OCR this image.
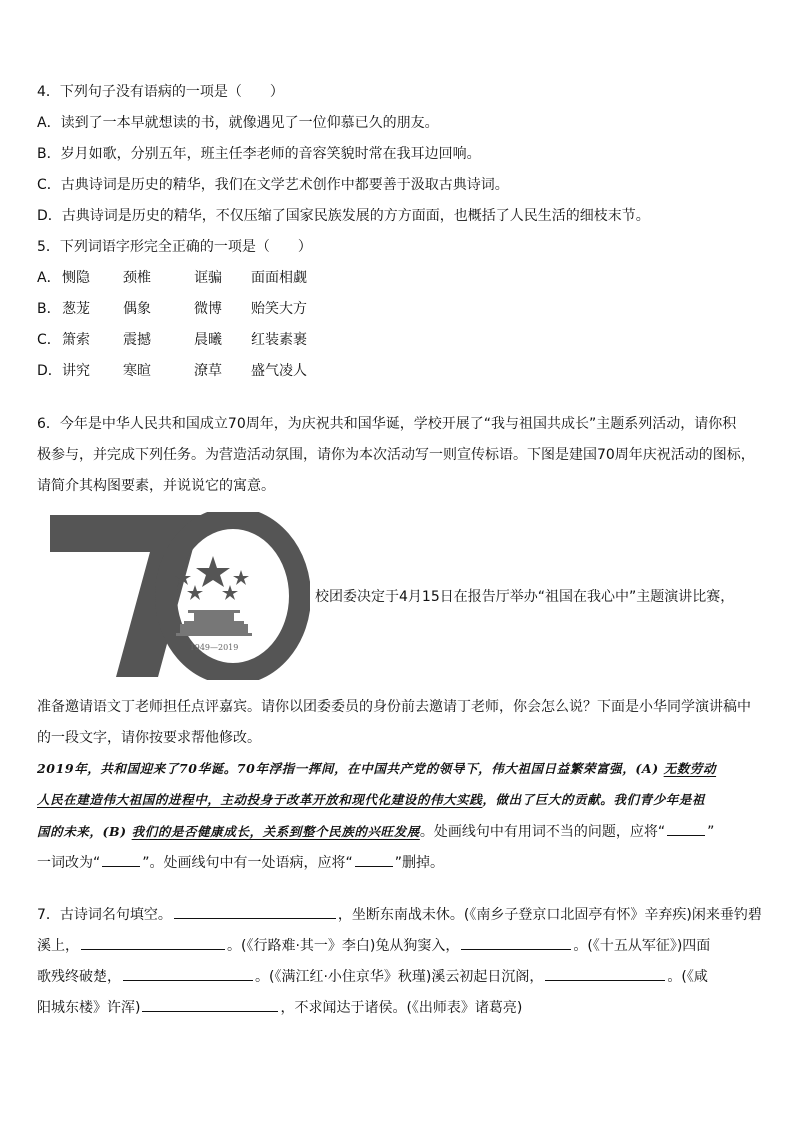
4．下列句子没有语病的一项是（　　）
A．读到了一本早就想读的书，就像遇见了一位仰慕已久的朋友。
B．岁月如歌，分别五年，班主任李老师的音容笑貌时常在我耳边回响。
C．古典诗词是历史的精华，我们在文学艺术创作中都要善于汲取古典诗词。
D．古典诗词是历史的精华，不仅压缩了国家民族发展的方方面面，也概括了人民生活的细枝末节。
5．下列词语字形完全正确的一项是（　　）
A． 恻隐 颈椎	诓骗 面面相觑
B． 葱茏 偶象	微博 贻笑大方
C． 箫索 震撼	晨曦 红装素裹
D． 讲究 寒暄	潦草 盛气凌人
6．今年是中华人民共和国成立70周年，为庆祝共和国华诞，学校开展了“我与祖国共成长”主题系列活动，请你积
极参与，并完成下列任务。为营造活动氛围，请你为本次活动写一则宣传标语。下图是建国70周年庆祝活动的图标，
请简介其构图要素，并说说它的寓意。
1949—2019
校团委决定于4月15日在报告厅举办“祖国在我心中”主题演讲比赛，
准备邀请语文丁老师担任点评嘉宾。请你以团委委员的身份前去邀请丁老师，你会怎么说？下面是小华同学演讲稿中
的一段文字，请你按要求帮他修改。
2019年，共和国迎来了70华诞。70年浮指一挥间，在中国共产党的领导下，伟大祖国日益繁荣富强，(A) 无数劳动
人民在建造伟大祖国的进程中，主动投身于改革开放和现代化建设的伟大实践，做出了巨大的贡献。我们青少年是祖
国的未来，(B) 我们的是否健康成长，关系到整个民族的兴旺发展。处画线句中有用词不当的问题，应将“	”
一词改为“	”。处画线句中有一处语病，应将“	”删掉。
7．古诗词名句填空。	，坐断东南战未休。(《南乡子登京口北固亭有怀》辛弃疾)闲来垂钓碧
溪上，	。(《行路难·其一》李白)兔从狗窦入，	。(《十五从军征》)四面
歌残终破楚，	。(《满江红·小住京华》秋瑾)溪云初起日沉阁，	。(《咸
阳城东楼》许浑)	，不求闻达于诸侯。(《出师表》诸葛亮)
